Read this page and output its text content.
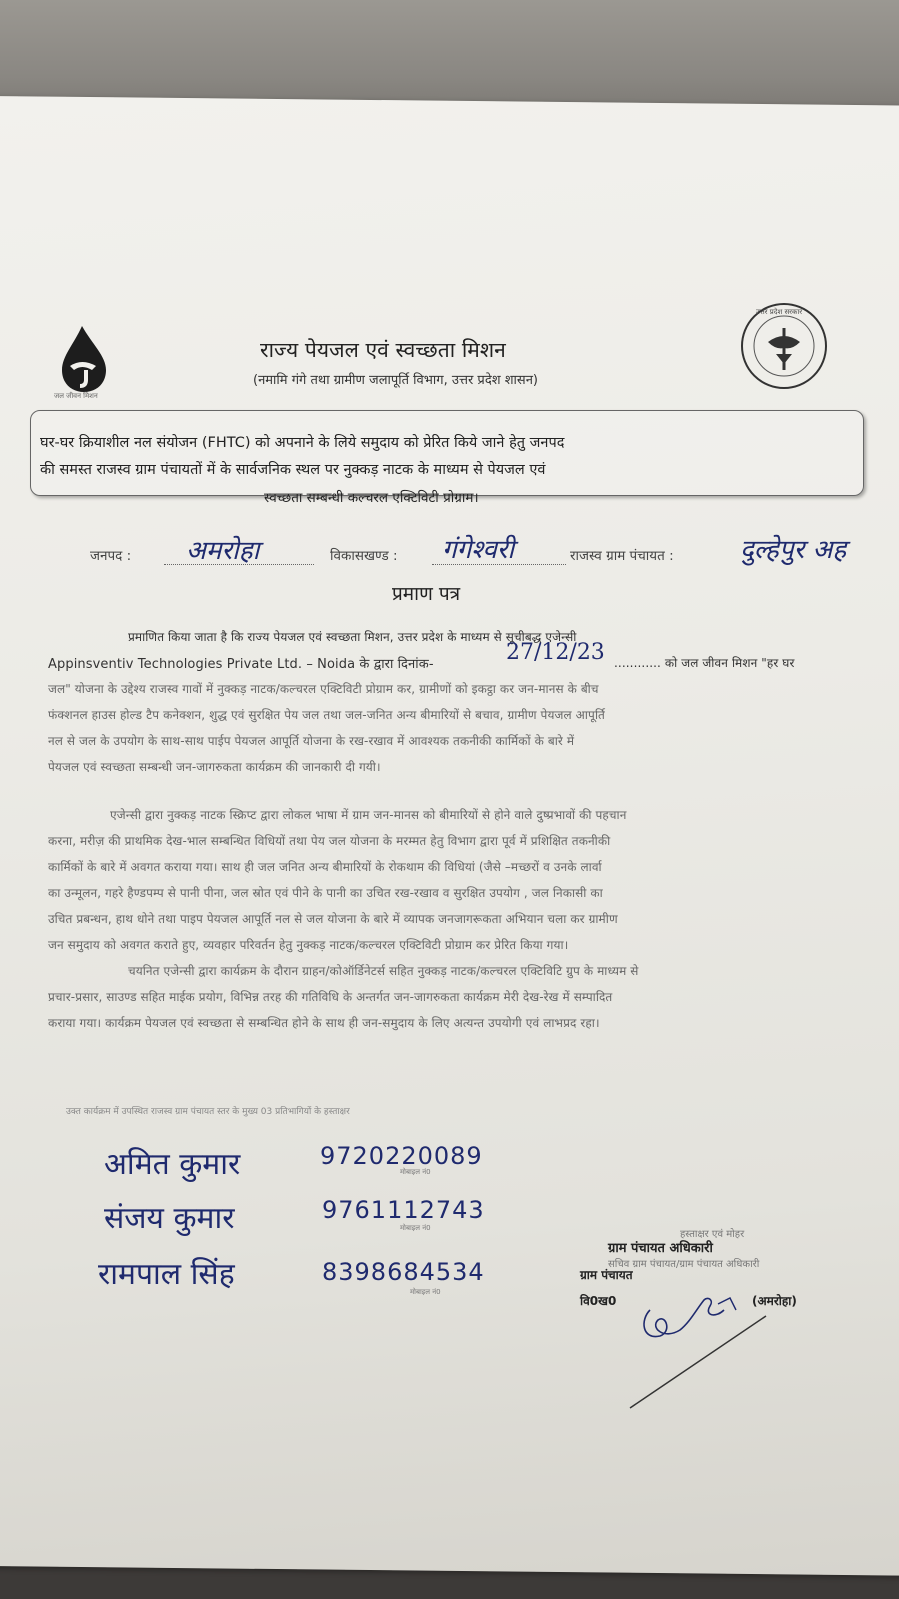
जल जीवन मिशन
उत्तर प्रदेश सरकार
राज्य पेयजल एवं स्वच्छता मिशन
(नमामि गंगे तथा ग्रामीण जलापूर्ति विभाग, उत्तर प्रदेश शासन)
घर-घर क्रियाशील नल संयोजन (FHTC) को अपनाने के लिये समुदाय को प्रेरित किये जाने हेतु जनपद
की समस्त राजस्व ग्राम पंचायतों में के सार्वजनिक स्थल पर नुक्कड़ नाटक के माध्यम से पेयजल एवं
स्वच्छता सम्बन्धी कल्चरल एक्टिविटी प्रोग्राम।
जनपद : अमरोहा	विकासखण्ड : गंगेश्वरी	राजस्व ग्राम पंचायत :	दुल्हेपुर अह
प्रमाण पत्र
प्रमाणित किया जाता है कि राज्य पेयजल एवं स्वच्छता मिशन, उत्तर प्रदेश के माध्यम से सूचीबद्ध एजेन्सी
Appinsventiv Technologies Private Ltd. – Noida के द्वारा दिनांक-	27/12/23 ............ को जल जीवन मिशन "हर घर
जल" योजना के उद्देश्य राजस्व गावों में नुक्कड़ नाटक/कल्चरल एक्टिविटी प्रोग्राम कर, ग्रामीणों को इकट्ठा कर जन-मानस के बीच
फंक्शनल हाउस होल्ड टैप कनेक्शन, शुद्ध एवं सुरक्षित पेय जल तथा जल-जनित अन्य बीमारियों से बचाव, ग्रामीण पेयजल आपूर्ति
नल से जल के उपयोग के साथ-साथ पाईप पेयजल आपूर्ति योजना के रख-रखाव में आवश्यक तकनीकी कार्मिकों के बारे में
पेयजल एवं स्वच्छता सम्बन्धी जन-जागरुकता कार्यक्रम की जानकारी दी गयी।
एजेन्सी द्वारा नुक्कड़ नाटक स्क्रिप्ट द्वारा लोकल भाषा में ग्राम जन-मानस को बीमारियों से होने वाले दुष्प्रभावों की पहचान
करना, मरीज़ की प्राथमिक देख-भाल सम्बन्धित विधियों तथा पेय जल योजना के मरम्मत हेतु विभाग द्वारा पूर्व में प्रशिक्षित तकनीकी
कार्मिकों के बारे में अवगत कराया गया। साथ ही जल जनित अन्य बीमारियों के रोकथाम की विधियां (जैसे –मच्छरों व उनके लार्वा
का उन्मूलन, गहरे हैण्डपम्प से पानी पीना, जल स्रोत एवं पीने के पानी का उचित रख-रखाव व सुरक्षित उपयोग , जल निकासी का
उचित प्रबन्धन, हाथ धोने तथा पाइप पेयजल आपूर्ति नल से जल योजना के बारे में व्यापक जनजागरूकता अभियान चला कर ग्रामीण
जन समुदाय को अवगत कराते हुए, व्यवहार परिवर्तन हेतु नुक्कड़ नाटक/कल्चरल एक्टिविटी प्रोग्राम कर प्रेरित किया गया।
चयनित एजेन्सी द्वारा कार्यक्रम के दौरान ग्राहन/कोऑर्डिनेटर्स सहित नुक्कड़ नाटक/कल्चरल एक्टिविटि ग्रुप के माध्यम से
प्रचार-प्रसार, साउण्ड सहित माईक प्रयोग, विभिन्न तरह की गतिविधि के अन्तर्गत जन-जागरुकता कार्यक्रम मेरी देख-रेख में सम्पादित
कराया गया। कार्यक्रम पेयजल एवं स्वच्छता से सम्बन्धित होने के साथ ही जन-समुदाय के लिए अत्यन्त उपयोगी एवं लाभप्रद रहा।
उक्त कार्यक्रम में उपस्थित राजस्व ग्राम पंचायत स्तर के मुख्य 03 प्रतिभागियों के हस्ताक्षर
अमित कुमार	9720220089
मोबाइल नं0
संजय कुमार	9761112743
मोबाइल नं0
रामपाल सिंह	8398684534
मोबाइल नं0
हस्ताक्षर एवं मोहर
सचिव ग्राम पंचायत/ग्राम पंचायत अधिकारी
ग्राम पंचायत अधिकारी
ग्राम पंचायत
वि0ख0	(अमरोहा)
